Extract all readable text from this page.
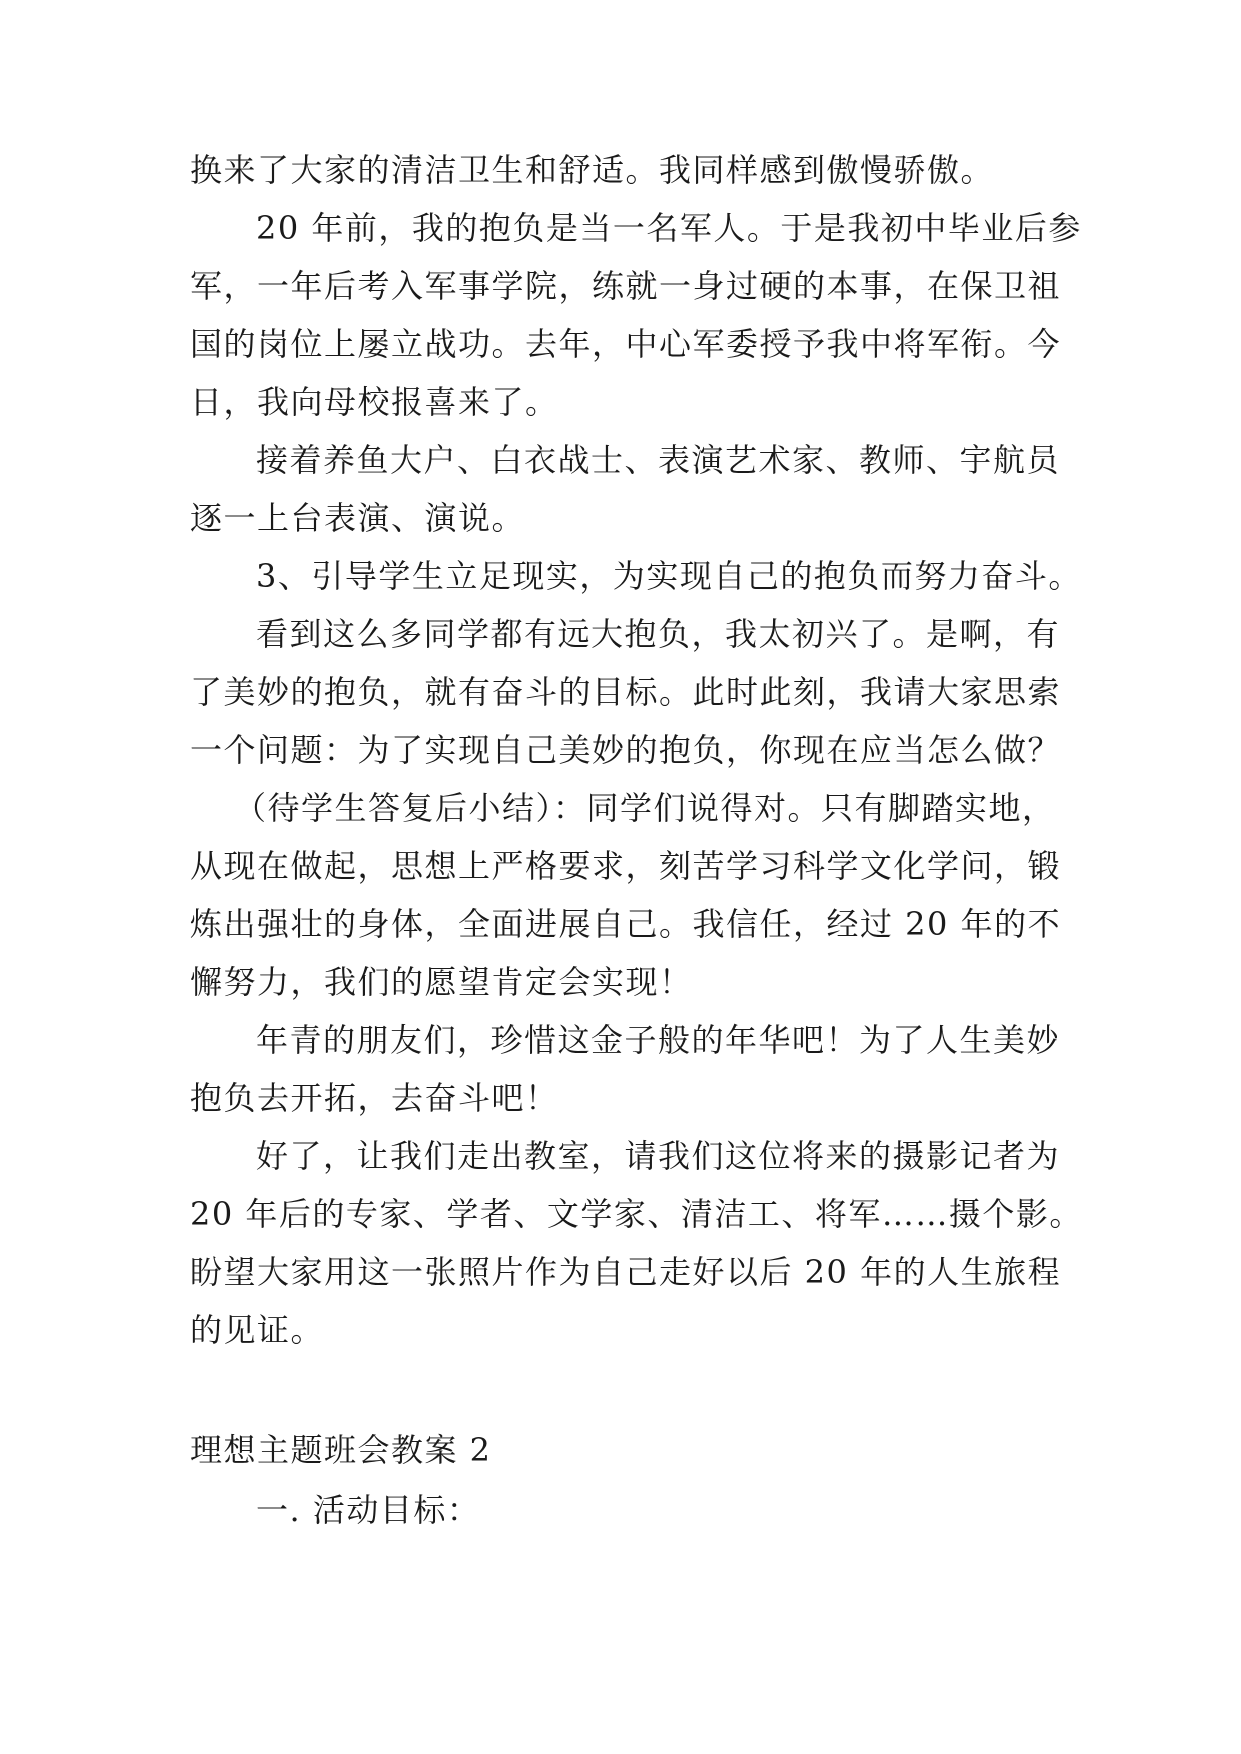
换来了大家的清洁卫生和舒适。我同样感到傲慢骄傲。
20 年前，我的抱负是当一名军人。于是我初中毕业后参
军，一年后考入军事学院，练就一身过硬的本事，在保卫祖
国的岗位上屡立战功。去年，中心军委授予我中将军衔。今
日，我向母校报喜来了。
接着养鱼大户、白衣战士、表演艺术家、教师、宇航员
逐一上台表演、演说。
3、引导学生立足现实，为实现自己的抱负而努力奋斗。
看到这么多同学都有远大抱负，我太初兴了。是啊，有
了美妙的抱负，就有奋斗的目标。此时此刻，我请大家思索
一个问题：为了实现自己美妙的抱负，你现在应当怎么做？
（待学生答复后小结）：同学们说得对。只有脚踏实地，
从现在做起，思想上严格要求，刻苦学习科学文化学问，锻
炼出强壮的身体，全面进展自己。我信任，经过 20 年的不
懈努力，我们的愿望肯定会实现！
年青的朋友们，珍惜这金子般的年华吧！为了人生美妙
抱负去开拓，去奋斗吧！
好了，让我们走出教室，请我们这位将来的摄影记者为
20 年后的专家、学者、文学家、清洁工、将军……摄个影。
盼望大家用这一张照片作为自己走好以后 20 年的人生旅程
的见证。
理想主题班会教案 2
一. 活动目标：
